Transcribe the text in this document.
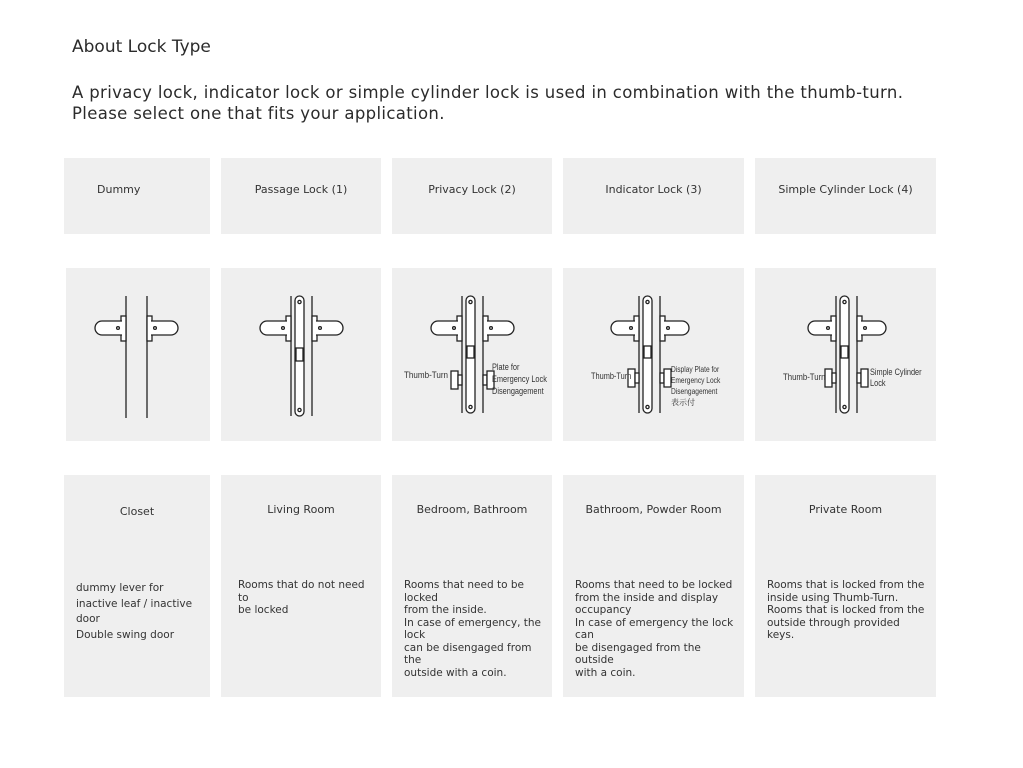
About Lock Type
A privacy lock, indicator lock or simple cylinder lock is used in combination with the thumb-turn. Please select one that fits your application.
Dummy	Passage Lock (1)	Privacy Lock (2)	Indicator Lock (3)	Simple Cylinder Lock (4)
Thumb-Turn
Plate for
Emergency Lock
Disengagement
Thumb-Turn
Display Plate for
Emergency Lock
Disengagement
表示付
Thumb-Turn	Simple Cylinder
Lock
Closet
dummy lever for
inactive leaf / inactive door
Double swing door
Living Room
Rooms that do not need to
be locked
Bedroom, Bathroom
Rooms that need to be locked
from the inside.
In case of emergency, the lock
can be disengaged from the
outside with a coin.
Bathroom, Powder Room
Rooms that need to be locked
from the inside and display
occupancy
In case of emergency the lock can
be disengaged from the outside
with a coin.
Private Room
Rooms that is locked from the
inside using Thumb-Turn.
Rooms that is locked from the
outside through provided keys.
